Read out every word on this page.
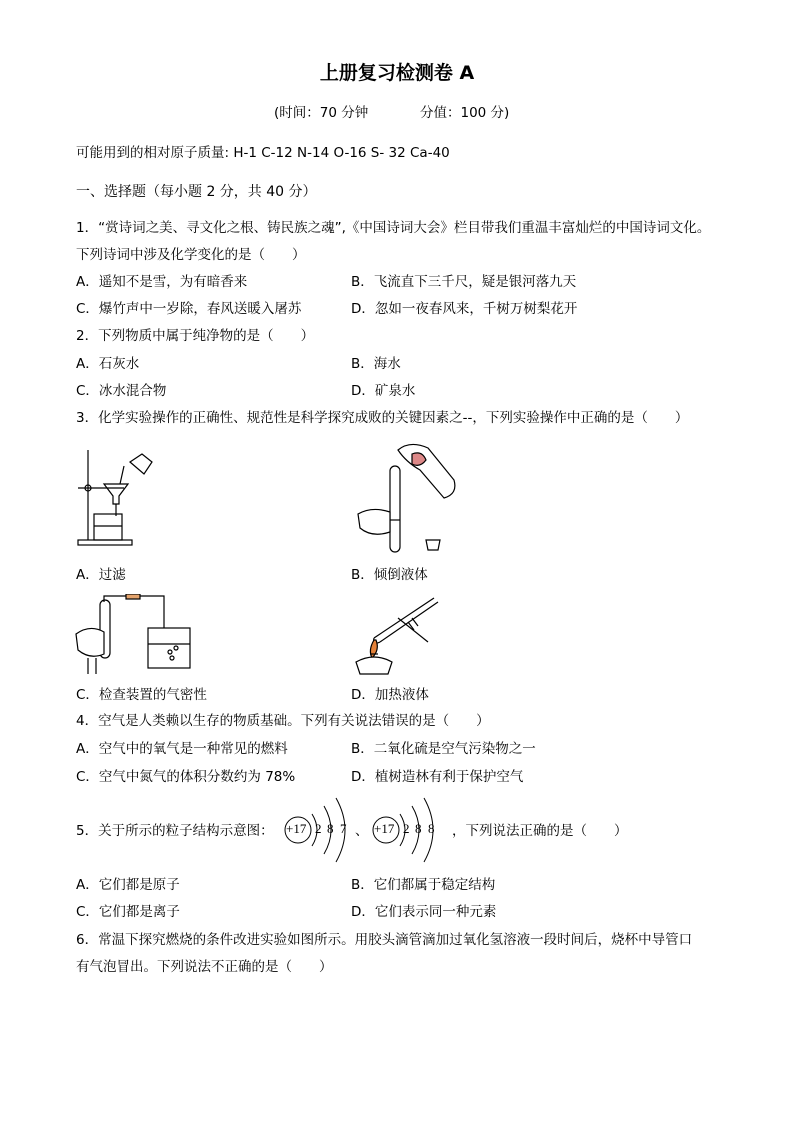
上册复习检测卷 A
(时间：70 分钟	分值：100 分)
可能用到的相对原子质量: H-1 C-12 N-14 O-16 S- 32 Ca-40
一、选择题（每小题 2 分，共 40 分）
1．“赏诗词之美、寻文化之根、铸民族之魂”,《中国诗词大会》栏目带我们重温丰富灿烂的中国诗词文化。
下列诗词中涉及化学变化的是（　　）
A．遥知不是雪，为有暗香来	B．飞流直下三千尺，疑是银河落九天
C．爆竹声中一岁除，春风送暖入屠苏	D．忽如一夜春风来，千树万树梨花开
2．下列物质中属于纯净物的是（　　）
A．石灰水	B．海水
C．冰水混合物	D．矿泉水
3．化学实验操作的正确性、规范性是科学探究成败的关键因素之--，下列实验操作中正确的是（　　）
A．过滤	B．倾倒液体
C．检查装置的气密性	D．加热液体
4．空气是人类赖以生存的物质基础。下列有关说法错误的是（　　）
A．空气中的氧气是一种常见的燃料	B．二氧化硫是空气污染物之一
C．空气中氮气的体积分数约为 78%	D．植树造林有利于保护空气
5．关于所示的粒子结构示意图： +17 2 8 7 、 +17 2 8 8 ，下列说法正确的是（　　）
A．它们都是原子	B．它们都属于稳定结构
C．它们都是离子	D．它们表示同一种元素
6．常温下探究燃烧的条件改进实验如图所示。用胶头滴管滴加过氧化氢溶液一段时间后，烧杯中导管口
有气泡冒出。下列说法不正确的是（　　）
